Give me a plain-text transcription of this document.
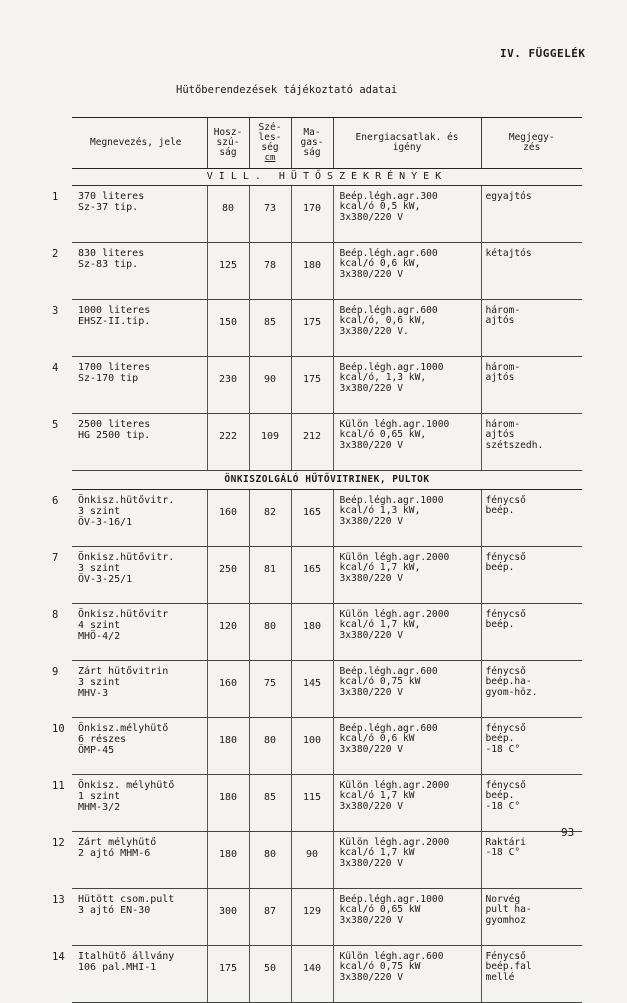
IV. FÜGGELÉK
Hütőberendezések tájékoztató adatai
Megnevezés, jele	Hosz-
szú-
ság	Szé-
les-
ség
cm	Ma-
gas-
ság	Energiacsatlak. és
igény	Megjegy-
zés

VILL. HÜTŐSZEKRÉNYEK					

1 370 literes
Sz-37 tip.	80	73	170	Beép.légh.agr.300
kcal/ó 0,5 kW,
3x380/220 V	egyajtós

2 830 literes
Sz-83 tip.	125	78	180	Beép.légh.agr.600
kcal/ó 0,6 kW,
3x380/220 V	kétajtós

3 1000 literes
EHSZ-II.tip.	150	85	175	Beép.légh.agr.600
kcal/ó, 0,6 kW,
3x380/220 V.	három-
ajtós

4 1700 literes
Sz-170 tip	230	90	175	Beép.légh.agr.1000
kcal/ó, 1,3 kW,
3x380/220 V	három-
ajtós

5 2500 literes
HG 2500 tip.	222	109	212	Külön légh.agr.1000
kcal/ó 0,65 kW,
3x380/220 V	három-
ajtós
szétszedh.

ÖNKISZOLGÁLÓ HŰTŐVITRINEK, PULTOK					

6 Önkisz.hütővitr.
3 szint
ÖV-3-16/1	160	82	165	Beép.légh.agr.1000
kcal/ó 1,3 kW,
3x380/220 V	fénycső
beép.

7 Önkisz.hütővitr.
3 szint
ÖV-3-25/1	250	81	165	Külön légh.agr.2000
kcal/ó 1,7 kW,
3x380/220 V	fénycső
beép.

8 Önkisz.hütővitr
4 szint
MHÖ-4/2	120	80	180	Külön légh.agr.2000
kcal/ó 1,7 kW,
3x380/220 V	fénycső
beép.

9 Zárt hütővitrin
3 szint
MHV-3	160	75	145	Beép.légh.agr.600
kcal/ó 0,75 kW
3x380/220 V	fénycső
beép.ha-
gyom-höz.

10 Önkisz.mélyhütő
6 részes
ÖMP-45	180	80	100	Beép.légh.agr.600
kcal/ó 0,6 kW
3x380/220 V	fénycső
beép.
-18 C°

11 Önkisz. mélyhütő
1 szint
MHM-3/2	180	85	115	Külön légh.agr.2000
kcal/ó 1,7 kW
3x380/220 V	fénycső
beép.
-18 C°

12 Zárt mélyhütő
2 ajtó MHM-6	180	80	90	Külön légh.agr.2000
kcal/ó 1,7 kW
3x380/220 V	Raktári
-18 C°

13 Hütött csom.pult
3 ajtó EN-30	300	87	129	Beép.légh.agr.1000
kcal/ó 0,65 kW
3x380/220 V	Norvég
pult ha-
gyomhoz

14 Italhütő állvány
106 pal.MHI-1	175	50	140	Külön légh.agr.600
kcal/ó 0,75 kW
3x380/220 V	Fénycső
beép.fal
mellé
93
